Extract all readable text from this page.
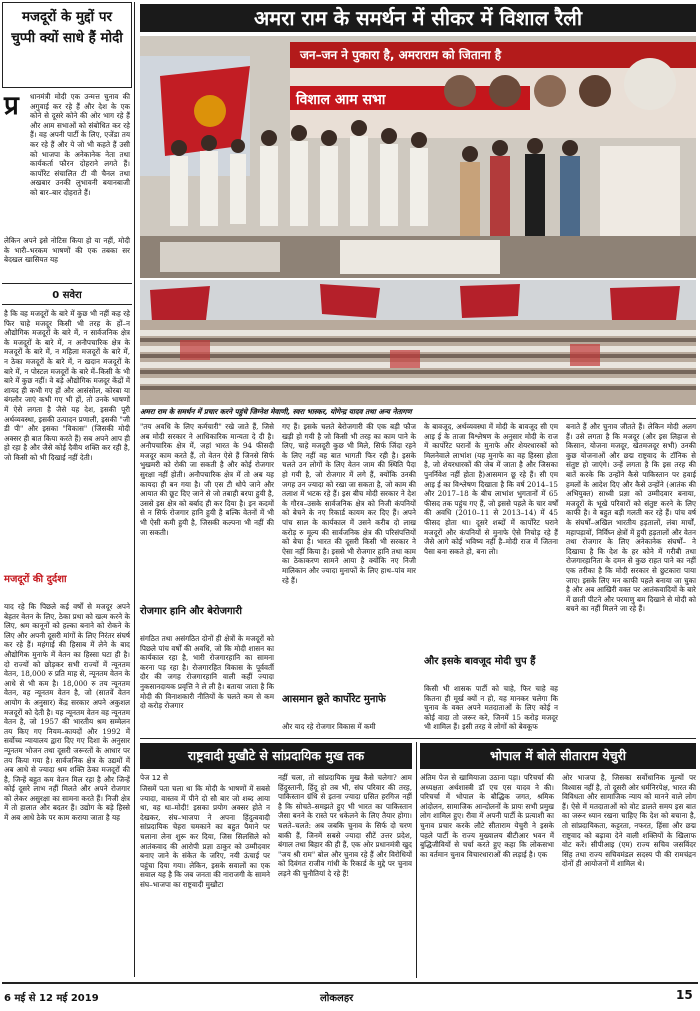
मजदूरों के मुद्दों पर चुप्पी क्यों साधे हैं मोदी
प्र धानमंत्री मोदी एक उन्मत्त चुनाव की अगुवाई कर रहे हैं और देश के एक कोने से दूसरे कोने की ओर भाग रहे हैं और आम सभाओं को संबोधित कर रहे हैं। वह अपनी पार्टी के लिए, एजेंडा तय कर रहे हैं और ये जो भी कहते हैं उसी को भाजपा के अनेकानेक नेता तथा कार्यकर्ता फौरन दोहराने लगते हैं। कार्पोरेट संचालित टी वी चैनल तथा अखबार उनकी लुभावनी बयानबाजी को बार–बार दोहराते हैं।
लेकिन अपने इसे नोटिस किया हो या नहीं, मोदी के भारी–भरकम भाषणों की एक तबका सर बेदखल खासियत यह
0 सवेरा
है कि वह मजदूरों के बारे में कुछ भी नहीं कह रहे फिर चाहे मजदूर किसी भी तरह के हों–न औद्योगिक मजदूरों के बारे में, न सार्वजनिक क्षेत्र के मजदूरों के बारे में, न अनौपचारिक क्षेत्र के मजदूरों के बारे में, न महिला मजदूरों के बारे में, न ठेका मजदूरों के बारे में, न खदान मजदूरों के बारे में, न पोस्टल मजदूरों के बारे में–किसी के भी बारे में कुछ नहीं। वे बड़े औद्योगिक मजदूर केंद्रों में शायद ही कभी गए हों और आसंसोल, कोरबा या बंगलौर जाएं कभी गए भी हों, तो उनके भाषणों में ऐसे लगता है जैसे यह देश, इसकी पूरी अर्थव्यवस्था, इसकी उत्पादन प्रणाली, इसकी "जी डी पी" और इसका "विकास" (जिसकी मोदी अक्सर ही बात किया करते हैं) सब अपने आप ही हो रहा है और जैसे कोई दैवीय शक्ति कर रही है, जो किसी को भी दिखाई नहीं देती।
मजदूरों की दुर्दशा
याद रहे कि पिछले कई वर्षों से मजदूर अपने बेहतर वेतन के लिए, ठेका प्रथा को खत्म करने के लिए, श्रम कानूनों को हल्का बनाने को रोकने के लिए और अपनी दूसरी मांगों के लिए निरंतर संघर्ष कर रहे हैं। महंगाई की हिसाब में लेने के बाद औद्योगिक मुनाफे में वेतन का हिस्सा घटा ही है। दो राज्यों को छोड़कर सभी राज्यों में न्यूनतम वेतन, 18,000 रु प्रति माह से, न्यूनतम वेतन के आधे से भी कम है। 18,000 रु तय न्यूनतम वेतन, वह न्यूनतम वेतन है, जो (सातवें वेतन आयोग के अनुसार) केंद्र सरकार अपने अकुशल मजदूरों को देती है। यह न्यूनतम वेतन वह न्यूनतम वेतन है, जो 1957 की भारतीय श्रम सम्मेलन तय किए गए नियम–कायदों और 1992 में सर्वोच्च न्यायालय द्वारा दिए गए दिशा के अनुसार न्यूनतम भोजन तथा दूसरी जरूरतों के आधार पर तय किया गया है। सार्वजनिक क्षेत्र के उद्यमों में अब आधे से ज्यादा श्रम शक्ति ठेका मजदूरों की है, जिन्हें बहुत कम वेतन मिल रहा है और जिन्हें कोई दूसरे लाभ नहीं मिलते और अपने रोजगार को लेकर असुरक्षा का सामना करते हैं। निजी क्षेत्र में तो हालात और बदतर हैं। उद्योग के बड़े हिस्से में अब आधे ठेके पर काम कराया जाता है यह
अमरा राम के समर्थन में सीकर में विशाल रैली
जन–जन ने पुकारा है, अमराराम को जिताना है
विशाल आम सभा
अमरा राम के समर्थन में प्रचार करने पहुंचे जिग्नेश मेवाणी, स्वरा भास्कर, योगेन्द्र यादव तथा अन्य नेतागण
"तय अवधि के लिए कर्मचारी" रखे जाते हैं, जिसे अब मोदी सरकार ने आधिकारिक मान्यता दे दी है। अनौपचारिक क्षेत्र में, जहां भारत के 94 फीसदी मजदूर काम करते हैं, तो वेतन ऐसे हैं जिनसे सिर्फ भुखमरी को रोकी जा सकती है और कोई रोजगार सुरक्षा नहीं होती। अनौपचारिक क्षेत्र में तो अब यह कायदा ही बन गया है। जी एस टी थोपे जाने और आयात की छूट दिए जाने से जो तबाही बरपा हुयी है, उससे इस क्षेत्र को बर्बाद ही कर दिया है। इन कदमों से न सिर्फ रोजगार हानि हुयी है बल्कि वेतनों में भी भी ऐसी कमी हुयी है, जिसकी कल्पना भी नहीं की जा सकती।
रोजगार हानि और बेरोजगारी
संगठित तथा असंगठित दोनों ही क्षेत्रों के मजदूरों को पिछले पांच वर्षों की अवधि, जो कि मोदी शासन का कार्यकाल रहा है, भारी रोजगारहानि का सामना करना पड़ रहा है। रोजगारहित विकास के पूर्ववर्ती दौर की जगह रोजगारहानि वाली कहीं ज्यादा नुकसानदायक प्रवृत्ति ने ले ली है। बताया जाता है कि मोदी की विनाशकारी नीतियों के चलते कम से कम दो करोड़ रोजगार
गए हैं। इसके चलते बेरोजगारी की एक बड़ी फौज खड़ी हो गयी है जो किसी भी तरह का काम पाने के लिए, चाहे मजदूरी कुछ भी मिले, सिर्फ जिंदा रहने के लिए नहीं वह बात भागती फिर रही है। इसके चलते उन लोगों के लिए वेतन जाम की स्थिति पैदा हो गयी है, जो रोजगार में लगे हैं, क्योंकि उनकी जगह उन ज्यादा को रखा जा सकता है, जो काम की तलाश में भटक रहे हैं। इस बीच मोदी सरकार ने देश के गौरव–उसके सार्वजनिक क्षेत्र को निजी कंपनियों को बेचने के नए रिकार्ड कायम कर दिए हैं। अपने पांच साल के कार्यकाल में उसने करीब दो लाख करोड़ रु मूल्य की सार्वजनिक क्षेत्र की परिसंपत्तियों को बेचा है। भारत की दूसरी किसी भी सरकार ने ऐसा नहीं किया है। इससे भी रोजगार हानि तथा काम का ठेकाकरण सामने आया है क्योंकि नए निजी मालिकान और ज्यादा मुनाफों के लिए हाथ–पांव मार रहे हैं।
आसमान छूते कार्पोरेट मुनाफे
और याद रहे रोजगार विकास में कमी
के बावजूद, अर्थव्यवस्था में मोदी के बावजूद सी एम आइ ई के ताजा विश्लेषण के अनुसार मोदी के राज में कार्पोरेट घरानों के मुनाफे और शेयरधारकों को मिलनेवाले लाभांश (यह मुनाफे का वह हिस्सा होता है, जो शेयरधारकों की जेब में जाता है और जिसका पुनर्निवेश नहीं होता है)आसमान छू रहे हैं। सी एम आइ ई का विश्लेषण दिखाता है कि वर्ष 2014–15 और 2017–18 के बीच लाभांश भुगतानों में 65 फीसद तक पहुंच गए हैं, जो इससे पहले के चार वर्षों की अवधि (2010–11 से 2013–14) में 45 फीसद होता था। दूसरे शब्दों में कार्पोरेट घराने मजदूरों और कंपनियों से मुनाफे ऐसे निचोड़ रहे हैं जैसे आगे कोई भविष्य नहीं है–मोदी राज में जितना पैसा बना सकते हो, बना लो।
और इसके बावजूद मोदी चुप हैं
किसी भी शासक पार्टी को चाहे, फिर चाहे वह कितना ही मूर्ख क्यों न हो, यह मानकर चलेगा कि चुनाव के वक्त अपने मतदाताओं के लिए कोई न कोई वादा तो जरूर करे, जिनमें 15 करोड़ मजदूर भी शामिल हैं। इसी तरह वे लोगों को बेवकूफ
बनाते हैं और चुनाव जीतते हैं। लेकिन मोदी अलग हैं। उसे लगता है कि मजदूर (और इस लिहाज से किसान, योजना मजदूर, खेतमजदूर सभी) उनकी कुछ योजनाओं और छद्म राष्ट्रवाद के टॉनिक से संतुष्ट हो जाएंगे। उन्हें लगता है कि इस तरह की बातें करके कि उन्होंने कैसे पाकिस्तान पर हवाई हमलों के आदेश दिए और कैसे उन्होंने (आतंक की अभियुक्त) साध्वी प्रज्ञा को उम्मीदवार बनाया, मजदूरों के भूखे परिवारों को संतुष्ट करने के लिए काफी है। वे बहुत बड़ी गलती कर रहे हैं। पांच वर्ष के संघर्षों–अखिल भारतीय हड़तालों, लंबा मार्चों, महापड़ावों, निर्विघ्न क्षेत्रों में हुयी हड़तालों और वेतन तथा रोजगार के लिए अनेकानेक संघर्षों– ने दिखाया है कि देश के हर कोने में गरीबी तथा रोजगारहानिता के दमन से कुछ राहत पाने का नहीं एक तरीका है कि मोदी सरकार से छुटकारा पाया जाए। इसके लिए मन काफी पहले बनाया जा चुका है और अब आखिरी वक्त पर आतंकवादियों के बारे में छाती पीटने और परमाणु बम दिखाने से मोदी को बचने का नहीं मिलने जा रहे हैं।
राष्ट्रवादी मुखौटे से सांप्रदायिक मुख तक
पेज 12 से
जिसमें पता चला था कि मोदी के भाषणों में सबसे ज्यादा, वास्तव में पीने दो सौ बार जो शब्द आया था, वह था–मोदी! इसका प्रयोग अक्सर होते न देखकर, संघ–भाजपा ने अपना हिंदुत्ववादी सांप्रदायिक चेहरा चमकाने का बहुत पैमाने पर चलाना लेना शुरू कर दिया, जिस सिलसिले को आतंकवाद की आरोपी प्रज्ञा ठाकुर को उम्मीदवार बनाए जाने के संकेत के जरिए, नयी ऊंचाई पर पहुंचा दिया गया। लेकिन, इसके सवालों का एक सवाल यह है कि जब जनता की नाराजगी के सामने संघ–भाजपा का राष्ट्रवादी मुखौटा
नहीं चला, तो सांप्रदायिक मुख कैसे चलेगा? आम हिंदुस्तानी, हिंदू हो तब भी, संघ परिवार की तरह, पाकिस्तान ग्रंथि से इतना ज्यादा ग्रसित हरगिज नहीं है कि सोचते–समझते हुए भी भारत का पाकिस्तान जैसा बनने के रास्ते पर धकेलने के लिए तैयार होगा। चलते–चलते: अब जबकि चुनाव के सिर्फ दो चरण बाकी हैं, जिनमें सबसे ज्यादा सीटें उत्तर प्रदेश, बंगाल तथा बिहार की ही हैं, एक ओर प्रधानमंत्री खुद "जय श्री राम" बोल और चुनाव रहे हैं और विरोधियों को दिवंगत राजीव गांधी के रिकार्ड के मुद्दे पर चुनाव लड़ने की चुनौतियां दे रहे हैं!
भोपाल में बोले सीताराम येचुरी
अंतिम पेज से खामियाजा उठाना पड़ा। परिचर्चा की अध्यक्षता अर्थशास्त्री डॉ एच एस यादव ने की। परिचर्चा में भोपाल के बौद्धिक जगत, श्रमिक आंदोलन, सामाजिक आन्दोलनों के प्रायः सभी प्रमुख लोग शामिल हुए। रीवा में अपनी पार्टी के प्रत्याशी का चुनाव प्रचार करके लौटे सीताराम येचुरी ने इसके पहले पार्टी के राज्य मुख्यालय बीटीआर भवन में बुद्धिजीवियों से चर्चा करते हुए कहा कि लोकसभा का वर्तमान चुनाव विचारधाराओं की लड़ाई है। एक
ओर भाजपा है, जिसका सर्वोधानिक मूल्यों पर विश्वास नहीं है, तो दूसरी ओर धर्मनिरपेक्ष, भारत की विविधता और सामाजिक न्याय को मानने वाले लोग हैं। ऐसे में मतदाताओं को वोट डालते समय इस बात का जरूर ध्यान रखना चाहिए कि देश को बचाना है, तो सांप्रदायिकता, कट्टरता, नफरत, हिंसा और छद्म राष्ट्रवाद को बढ़ावा देने वाली शक्तियों के खिलाफ वोट करें। सीपीआइ (एम) राज्य सचिव जसविंदर सिंह तथा राज्य सचिवमंडल सदस्य पी की रामचंद्रन दोनों ही आयोजनों में शामिल थे।
6 मई से 12 मई 2019	लोकलहर	15
